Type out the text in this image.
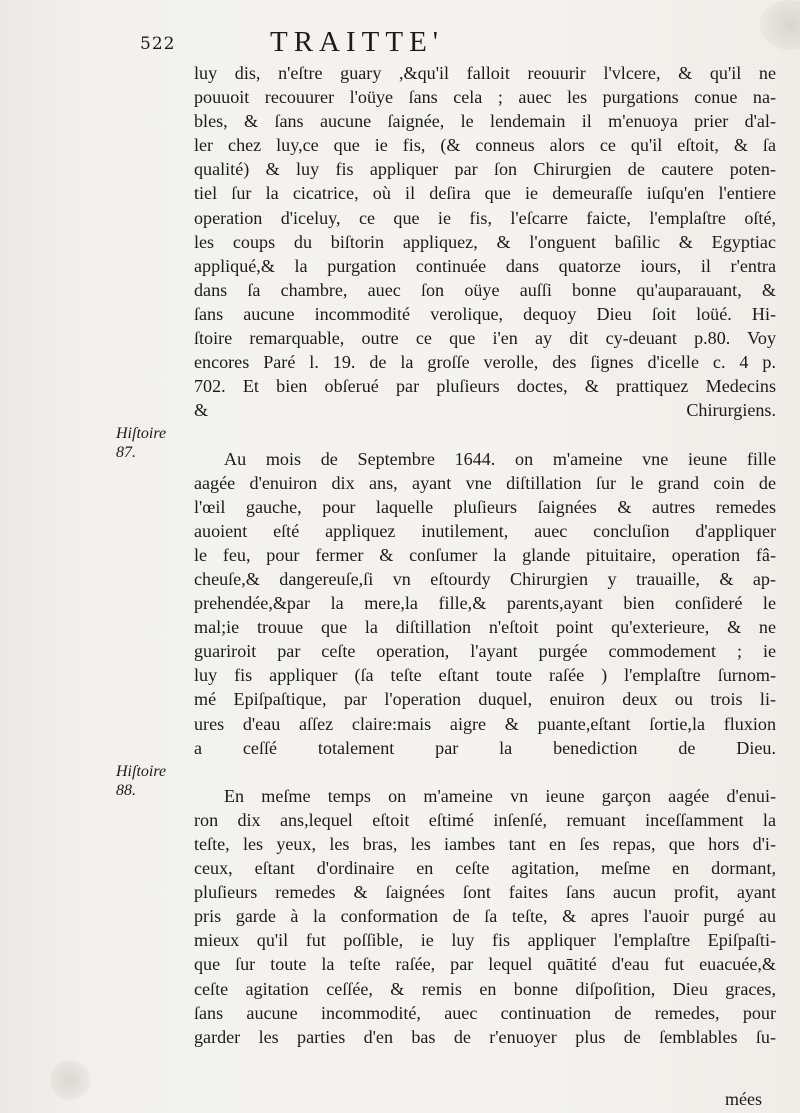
522	TRAITTE'
Hiſtoire
87.
Hiſtoire
88.
luy dis, n'eſtre guary ,&qu'il falloit reouurir l'vlcere, & qu'il ne
pouuoit recouurer l'oüye ſans cela ; auec les purgations conue na-
bles, & ſans aucune ſaignée, le lendemain il m'enuoya prier d'al-
ler chez luy,ce que ie fis, (& conneus alors ce qu'il eſtoit, & ſa
qualité) & luy fis appliquer par ſon Chirurgien de cautere poten-
tiel ſur la cicatrice, où il deſira que ie demeuraſſe iuſqu'en l'entiere
operation d'iceluy, ce que ie fis, l'eſcarre faicte, l'emplaſtre oſté,
les coups du biſtorin appliquez, & l'onguent baſilic & Egyptiac
appliqué,& la purgation continuée dans quatorze iours, il r'entra
dans ſa chambre, auec ſon oüye auſſi bonne qu'auparauant, &
ſans aucune incommodité verolique, dequoy Dieu ſoit loüé. Hi-
ſtoire remarquable, outre ce que i'en ay dit cy-deuant p.80. Voy
encores Paré l. 19. de la groſſe verolle, des ſignes d'icelle c. 4 p.
702. Et bien obſerué par pluſieurs doctes, & prattiquez Medecins
& Chirurgiens.

Au mois de Septembre 1644. on m'ameine vne ieune fille
aagée d'enuiron dix ans, ayant vne diſtillation ſur le grand coin de
l'œil gauche, pour laquelle pluſieurs ſaignées & autres remedes
auoient eſté appliquez inutilement, auec concluſion d'appliquer
le feu, pour fermer & conſumer la glande pituitaire, operation fâ-
cheuſe,& dangereuſe,ſi vn eſtourdy Chirurgien y trauaille, & ap-
prehendée,&par la mere,la fille,& parents,ayant bien conſideré le
mal;ie trouue que la diſtillation n'eſtoit point qu'exterieure, & ne
guariroit par ceſte operation, l'ayant purgée commodement ; ie
luy fis appliquer (ſa teſte eſtant toute raſée ) l'emplaſtre ſurnom-
mé Epiſpaſtique, par l'operation duquel, enuiron deux ou trois li-
ures d'eau aſſez claire:mais aigre & puante,eſtant ſortie,la fluxion
a ceſſé totalement par la benediction de Dieu.

En meſme temps on m'ameine vn ieune garçon aagée d'enui-
ron dix ans,lequel eſtoit eſtimé inſenſé, remuant inceſſamment la
teſte, les yeux, les bras, les iambes tant en ſes repas, que hors d'i-
ceux, eſtant d'ordinaire en ceſte agitation, meſme en dormant,
pluſieurs remedes & ſaignées ſont faites ſans aucun profit, ayant
pris garde à la conformation de ſa teſte, & apres l'auoir purgé au
mieux qu'il fut poſſible, ie luy fis appliquer l'emplaſtre Epiſpaſti-
que ſur toute la teſte raſée, par lequel quātité d'eau fut euacuée,&
ceſte agitation ceſſée, & remis en bonne diſpoſition, Dieu graces,
ſans aucune incommodité, auec continuation de remedes, pour
garder les parties d'en bas de r'enuoyer plus de ſemblables ſu-

mées
